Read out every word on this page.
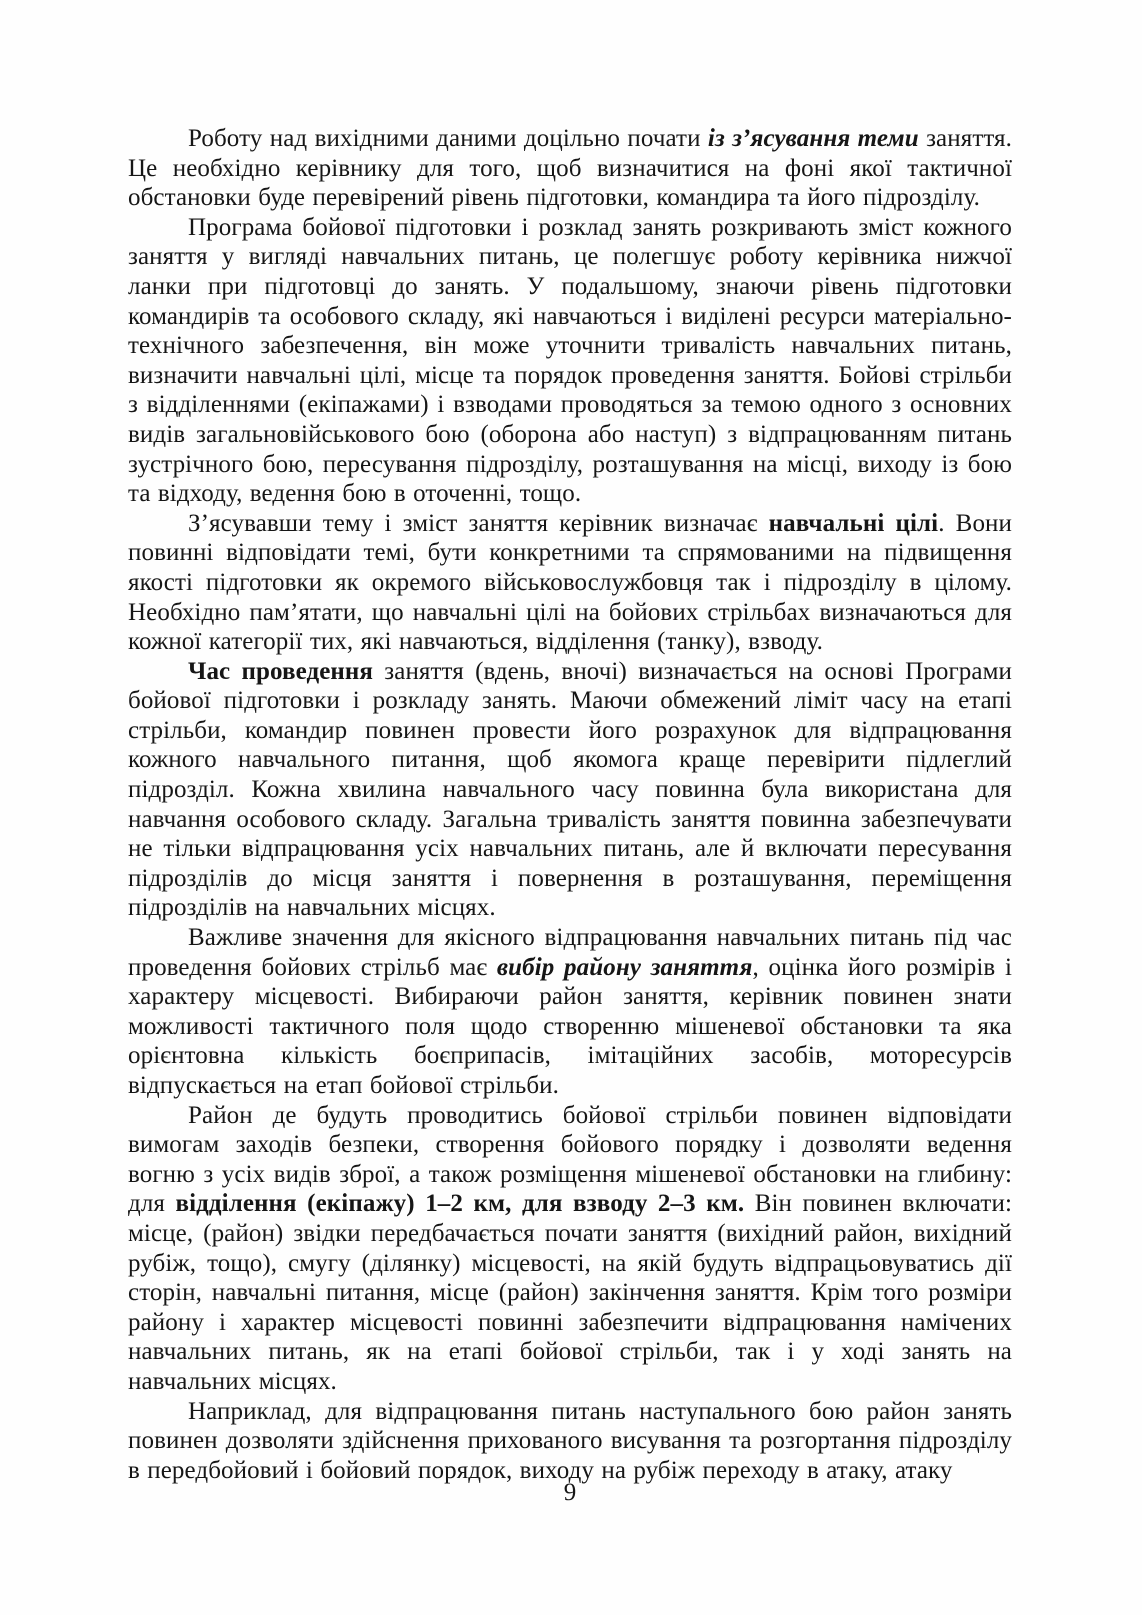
Роботу над вихідними даними доцільно почати із з’ясування теми заняття. Це необхідно керівнику для того, щоб визначитися на фоні якої тактичної обстановки буде перевірений рівень підготовки, командира та його підрозділу.

Програма бойової підготовки і розклад занять розкривають зміст кожного заняття у вигляді навчальних питань, це полегшує роботу керівника нижчої ланки при підготовці до занять. У подальшому, знаючи рівень підготовки командирів та особового складу, які навчаються і виділені ресурси матеріально-технічного забезпечення, він може уточнити тривалість навчальних питань, визначити навчальні цілі, місце та порядок проведення заняття. Бойові стрільби з відділеннями (екіпажами) і взводами проводяться за темою одного з основних видів загальновійськового бою (оборона або наступ) з відпрацюванням питань зустрічного бою, пересування підрозділу, розташування на місці, виходу із бою та відходу, ведення бою в оточенні, тощо.

З’ясувавши тему і зміст заняття керівник визначає навчальні цілі. Вони повинні відповідати темі, бути конкретними та спрямованими на підвищення якості підготовки як окремого військовослужбовця так і підрозділу в цілому. Необхідно пам’ятати, що навчальні цілі на бойових стрільбах визначаються для кожної категорії тих, які навчаються, відділення (танку), взводу.

Час проведення заняття (вдень, вночі) визначається на основі Програми бойової підготовки і розкладу занять. Маючи обмежений ліміт часу на етапі стрільби, командир повинен провести його розрахунок для відпрацювання кожного навчального питання, щоб якомога краще перевірити підлеглий підрозділ. Кожна хвилина навчального часу повинна була використана для навчання особового складу. Загальна тривалість заняття повинна забезпечувати не тільки відпрацювання усіх навчальних питань, але й включати пересування підрозділів до місця заняття і повернення в розташування, переміщення підрозділів на навчальних місцях.

Важливе значення для якісного відпрацювання навчальних питань під час проведення бойових стрільб має вибір району заняття, оцінка його розмірів і характеру місцевості. Вибираючи район заняття, керівник повинен знати можливості тактичного поля щодо створенню мішеневої обстановки та яка орієнтовна кількість боєприпасів, імітаційних засобів, моторесурсів відпускається на етап бойової стрільби.

Район де будуть проводитись бойової стрільби повинен відповідати вимогам заходів безпеки, створення бойового порядку і дозволяти ведення вогню з усіх видів зброї, а також розміщення мішеневої обстановки на глибину: для відділення (екіпажу) 1–2 км, для взводу 2–3 км. Він повинен включати: місце, (район) звідки передбачається почати заняття (вихідний район, вихідний рубіж, тощо), смугу (ділянку) місцевості, на якій будуть відпрацьовуватись дії сторін, навчальні питання, місце (район) закінчення заняття. Крім того розміри району і характер місцевості повинні забезпечити відпрацювання намічених навчальних питань, як на етапі бойової стрільби, так і у ході занять на навчальних місцях.

Наприклад, для відпрацювання питань наступального бою район занять повинен дозволяти здійснення прихованого висування та розгортання підрозділу в передбойовий і бойовий порядок, виходу на рубіж переходу в атаку, атаку

9
